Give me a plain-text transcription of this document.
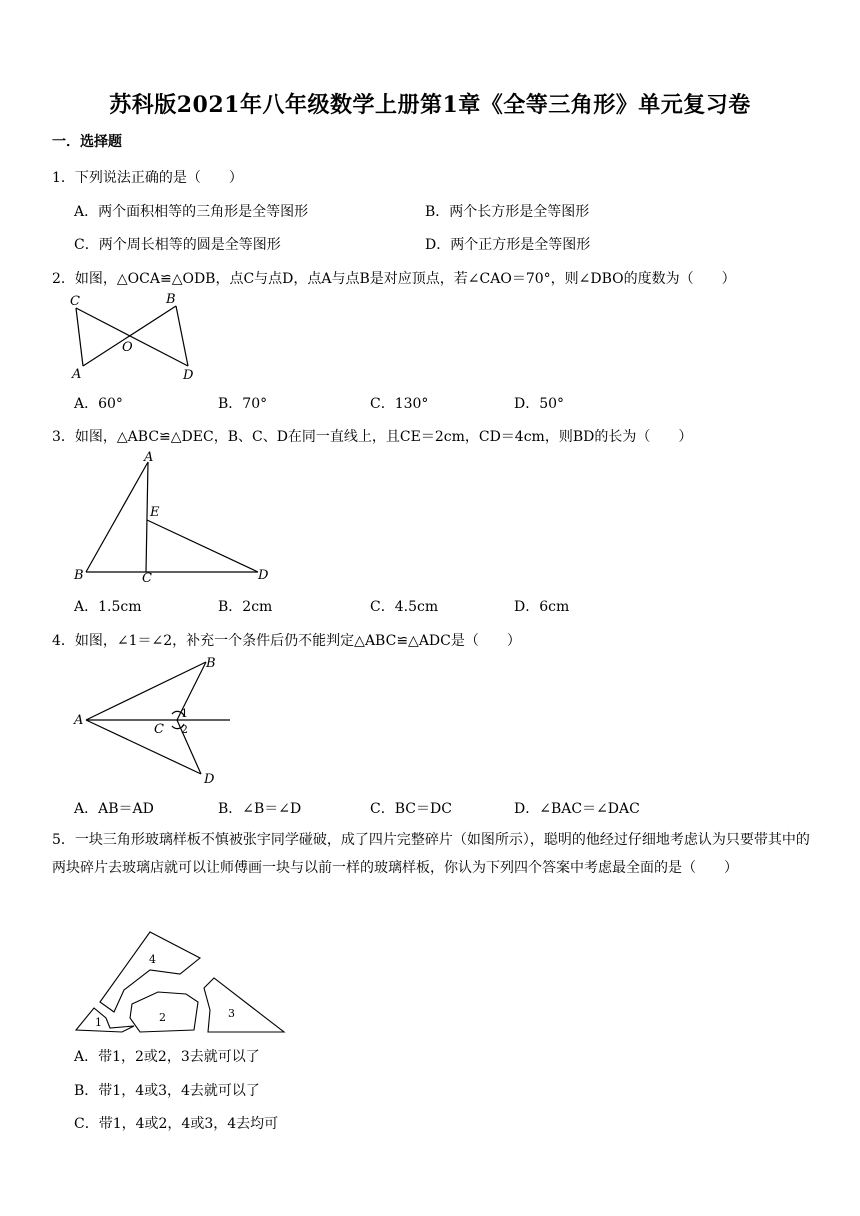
苏科版2021年八年级数学上册第1章《全等三角形》单元复习卷
一．选择题
1．下列说法正确的是（　　）
A．两个面积相等的三角形是全等图形	B．两个长方形是全等图形
C．两个周长相等的圆是全等图形	D．两个正方形是全等图形
2．如图，△OCA≌△ODB，点C与点D，点A与点B是对应顶点，若∠CAO＝70°，则∠DBO的度数为（　　）
C	B
O
A	D
A．60°	B．70°	C．130°	D．50°
3．如图，△ABC≌△DEC，B、C、D在同一直线上，且CE＝2cm，CD＝4cm，则BD的长为（　　）
A
E
B	C	D
A．1.5cm	B．2cm	C．4.5cm	D．6cm
4．如图，∠1＝∠2，补充一个条件后仍不能判定△ABC≌△ADC是（　　）
B
A
C
1
2
D
A．AB＝AD	B．∠B＝∠D	C．BC＝DC	D．∠BAC＝∠DAC
5．一块三角形玻璃样板不慎被张宇同学碰破，成了四片完整碎片（如图所示），聪明的他经过仔细地考虑认为只要带其中的两块碎片去玻璃店就可以让师傅画一块与以前一样的玻璃样板，你认为下列四个答案中考虑最全面的是（　　）
4
1	2	3
A．带1，2或2，3去就可以了
B．带1，4或3，4去就可以了
C．带1，4或2，4或3，4去均可
